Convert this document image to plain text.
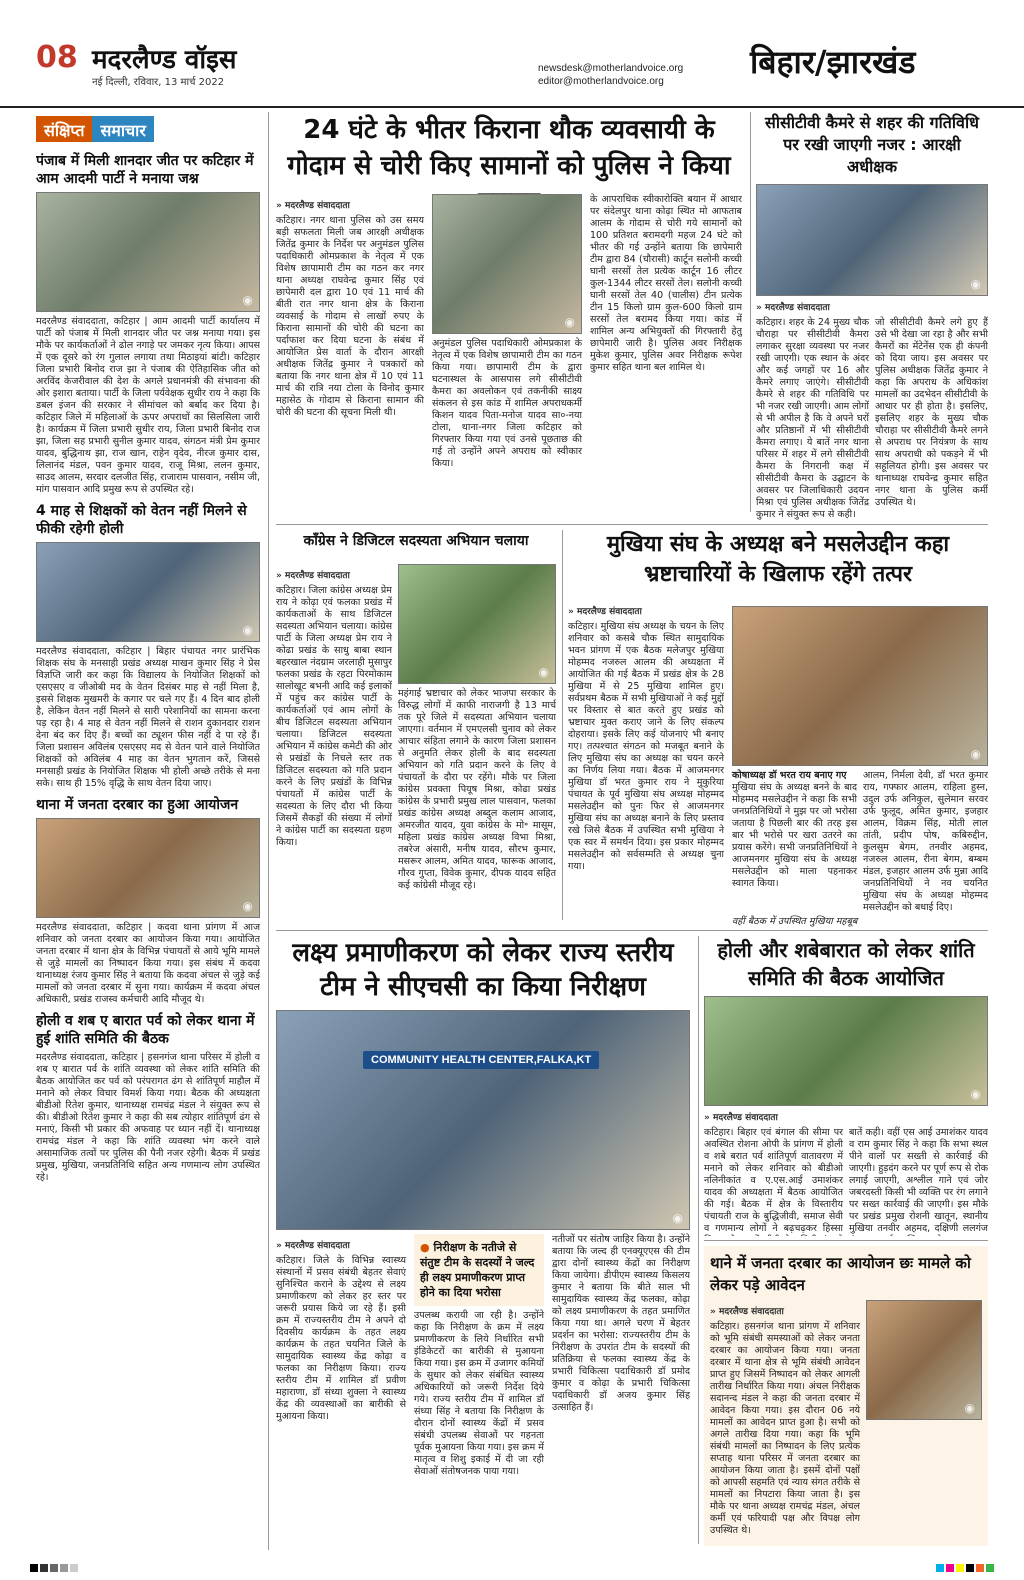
08 मदरलैण्ड वॉइस
नई दिल्ली, रविवार, 13 मार्च 2022
newsdesk@motherlandvoice.org
editor@motherlandvoice.org
बिहार/झारखंड
संक्षिप्त	समाचार
पंजाब में मिली शानदार जीत पर कटिहार में आम आदमी पार्टी ने मनाया जश्न
◉
मदरलैण्ड संवाददाता, कटिहार | आम आदमी पार्टी कार्यालय में पार्टी को पंजाब में मिली शानदार जीत पर जश्न मनाया गया। इस मौके पर कार्यकर्ताओं ने ढोल नगाड़े पर जमकर नृत्य किया। आपस में एक दूसरे को रंग गुलाल लगाया तथा मिठाइयां बांटी। कटिहार जिला प्रभारी बिनोद राज झा ने पंजाब की ऐतिहासिक जीत को अरविंद केजरीवाल की देश के अगले प्रधानमंत्री की संभावना की ओर इशारा बताया। पार्टी के जिला पर्यवेक्षक सुधीर राय ने कहा कि डबल इंजन की सरकार ने सीमांचल को बर्बाद कर दिया है। कटिहार जिले में महिलाओं के ऊपर अपराधों का सिलसिला जारी है। कार्यक्रम में जिला प्रभारी सुधीर राय, जिला प्रभारी बिनोद राज झा, जिला सह प्रभारी सुनील कुमार यादव, संगठन मंत्री प्रेम कुमार यादव, बुद्धिनाथ झा, राज खान, राहेन वृदेव, नीरज कुमार दास, लिलानंद मंडल, पवन कुमार यादव, राजू मिश्रा, ललन कुमार, साउद आलम, सरदार दलजीत सिंह, राजाराम पासवान, नसीम जी, मांग पासवान आदि प्रमुख रूप से उपस्थित रहे।
4 माह से शिक्षकों को वेतन नहीं मिलने से फीकी रहेगी होली
◉
मदरलैण्ड संवाददाता, कटिहार | बिहार पंचायत नगर प्रारंभिक शिक्षक संघ के मनसाही प्रखंड अध्यक्ष माखन कुमार सिंह ने प्रेस विज्ञप्ति जारी कर कहा कि विद्यालय के नियोजित शिक्षकों को एसएसए व जीओबी मद के वेतन दिसंबर माह से नहीं मिला है, इससे शिक्षक मुखमरी के कगार पर चले गए हैं। 4 दिन बाद होली है, लेकिन वेतन नहीं मिलने से सारी परेशानियों का सामना करना पड़ रहा है। 4 माह से वेतन नहीं मिलने से राशन दुकानदार राशन देना बंद कर दिए हैं। बच्चों का ट्यूशन फीस नहीं दे पा रहे हैं। जिला प्रशासन अविलंब एसएसए मद से वेतन पाने वाले नियोजित शिक्षकों को अविलंब 4 माह का वेतन भुगतान करें, जिससे मनसाही प्रखंड के नियोजित शिक्षक भी होली अच्छे तरीके से मना सके। साथ ही 15% वृद्धि के साथ वेतन दिया जाए।
थाना में जनता दरबार का हुआ आयोजन
◉
मदरलैण्ड संवाददाता, कटिहार | कदवा थाना प्रांगण में आज शनिवार को जनता दरबार का आयोजन किया गया। आयोजित जनता दरबार में थाना क्षेत्र के विभिन्न पंचायतों से आये भूमि मामले से जुड़े मामलों का निष्पादन किया गया। इस संबंध में कदवा थानाध्यक्ष रंजय कुमार सिंह ने बताया कि कदवा अंचल से जुड़े कई मामलों को जनता दरबार में सुना गया। कार्यक्रम में कदवा अंचल अधिकारी, प्रखंड राजस्व कर्मचारी आदि मौजूद थे।
होली व शब ए बारात पर्व को लेकर थाना में हुई शांति समिति की बैठक
मदरलैण्ड संवाददाता, कटिहार | हसनगंज थाना परिसर में होली व शब ए बारात पर्व के शांति व्यवस्था को लेकर शांति समिति की बैठक आयोजित कर पर्व को परंपरागत ढंग से शांतिपूर्ण माहौल में मनाने को लेकर विचार विमर्श किया गया। बैठक की अध्यक्षता बीडीओ रितेश कुमार, थानाध्यक्ष रामचंद्र मंडल ने संयुक्त रूप से की। बीडीओ रितेश कुमार ने कहा की सब त्योहार शांतिपूर्ण ढंग से मनाएं, किसी भी प्रकार की अफवाह पर ध्यान नहीं दें। थानाध्यक्ष रामचंद्र मंडल ने कहा कि शांति व्यवस्था भंग करने वाले असामाजिक तत्वों पर पुलिस की पैनी नजर रहेगी। बैठक में प्रखंड प्रमुख, मुखिया, जनप्रतिनिधि सहित अन्य गणमान्य लोग उपस्थित रहे।
24 घंटे के भीतर किराना थौक व्यवसायी के गोदाम से चोरी किए सामानों को पुलिस ने किया
» मदरलैण्ड संवाददाता
कटिहार। नगर थाना पुलिस को उस समय बड़ी सफलता मिली जब आरक्षी अधीक्षक जितेंद्र कुमार के निर्देश पर अनुमंडल पुलिस पदाधिकारी ओमप्रकाश के नेतृत्व में एक विशेष छापामारी टीम का गठन कर नगर थाना अध्यक्ष राघवेन्द्र कुमार सिंह एवं छापेमारी दल द्वारा 10 एवं 11 मार्च की बीती रात नगर थाना क्षेत्र के किराना व्यवसाई के गोदाम से लाखों रुपए के किराना सामानों की चोरी की घटना का पर्दाफाश कर दिया घटना के संबंध में आयोजित प्रेस वार्ता के दौरान आरक्षी अधीक्षक जितेंद्र कुमार ने पत्रकारों को बताया कि नगर थाना क्षेत्र में 10 एवं 11 मार्च की रात्रि नया टोला के विनोद कुमार महासेठ के गोदाम से किराना सामान की चोरी की घटना की सूचना मिली थी।
◉
अनुमंडल पुलिस पदाधिकारी ओमप्रकाश के नेतृत्व में एक विशेष छापामारी टीम का गठन किया गया। छापामारी टीम के द्वारा घटनास्थल के आसपास लगे सीसीटीवी कैमरा का अवलोकन एवं तकनीकी साक्ष्य संकलन से इस कांड में शामिल अपराधकर्मी किशन यादव पिता-मनोज यादव सा०-नया टोला, थाना-नगर जिला कटिहार को गिरफ्तार किया गया एवं उनसे पूछताछ की गई तो उन्होंने अपने अपराध को स्वीकार किया।
के आपराधिक स्वीकारोक्ति बयान में आधार पर संदेलपुर थाना कोढ़ा स्थित मो आफताब आलम के गोदाम से चोरी गये सामानों को 100 प्रतिशत बरामदगी महज 24 घंटे को भीतर की गई उन्होंने बताया कि छापेमारी टीम द्वारा 84 (चौरासी) कार्टून सलोनी कच्ची घानी सरसों तेल प्रत्येक कार्टून 16 लीटर कुल-1344 लीटर सरसों तेल। सलोनी कच्ची घानी सरसों तेल 40 (चालीस) टीन प्रत्येक टीन 15 किलो ग्राम कुल-600 किलो ग्राम सरसों तेल बरामद किया गया। कांड में शामिल अन्य अभियुक्तों की गिरफ्तारी हेतु छापेमारी जारी है। पुलिस अवर निरीक्षक मुकेश कुमार, पुलिस अवर निरीक्षक रूपेश कुमार सहित थाना बल शामिल थे।
सीसीटीवी कैमरे से शहर की गतिविधि पर रखी जाएगी नजर : आरक्षी अधीक्षक
◉
» मदरलैण्ड संवाददाता
कटिहार। शहर के 24 मुख्य चौक चौराहा पर सीसीटीवी कैमरा लगाकर सुरक्षा व्यवस्था पर नजर रखी जाएगी। एक स्थान के अंदर और कई जगहों पर 16 और कैमरे लगाए जाएंगे। सीसीटीवी कैमरे से शहर की गतिविधि पर भी नजर रखी जाएगी। आम लोगों से भी अपील है कि वे अपने घरों और प्रतिष्ठानों में भी सीसीटीवी कैमरा लगाए। ये बातें नगर थाना परिसर में शहर में लगे सीसीटीवी कैमरा के निगरानी कक्ष में सीसीटीवी कैमरा के उद्घाटन के अवसर पर जिलाधिकारी उदयन मिश्रा एवं पुलिस अधीक्षक जितेंद्र कुमार ने संयुक्त रूप से कही।
जो सीसीटीवी कैमरे लगे हुए हैं उसे भी देखा जा रहा है और सभी कैमरों का मेंटेनेंस एक ही कंपनी को दिया जाय। इस अवसर पर पुलिस अधीक्षक जितेंद्र कुमार ने कहा कि अपराध के अधिकांश मामलों का उदभेदन सीसीटीवी के आधार पर ही होता है। इसलिए, इसलिए शहर के मुख्य चौक चौराहा पर सीसीटीवी कैमरे लगने से अपराध पर नियंत्रण के साथ साथ अपराधी को पकड़ने में भी सहूलियत होगी। इस अवसर पर थानाध्यक्ष राघवेन्द्र कुमार सहित नगर थाना के पुलिस कर्मी उपस्थित थे।
कॉंग्रेस ने डिजिटल सदस्यता अभियान चलाया
» मदरलैण्ड संवाददाता
कटिहार। जिला कांग्रेस अध्यक्ष प्रेम राय ने कोढ़ा एवं फलका प्रखंड में कार्यकताओं के साथ डिजिटल सदस्यता अभियान चलाया। कांग्रेस पार्टी के जिला अध्यक्ष प्रेम राय ने कोढा प्रखंड के साधु बाबा स्थान बहरखाल नंदग्राम जरलाही मुसापुर फलका प्रखंड के रहटा पिरमोकाम सालोखूट बभनी आदि कई इलाकों में पहुंच कर कांग्रेस पार्टी के कार्यकर्ताओं एवं आम लोगों के बीच डिजिटल सदस्यता अभियान चलाया। डिजिटल सदस्यता अभियान में कांग्रेस कमेटी की ओर से प्रखंडों के निचले स्तर तक डिजिटल सदस्यता को गति प्रदान करने के लिए प्रखंडों के विभिन्न पंचायतों में कांग्रेस पार्टी के सदस्यता के लिए दौरा भी किया जिसमें सैकड़ों की संख्या में लोगों ने कांग्रेस पार्टी का सदस्यता ग्रहण किया।
◉
महंगाई भ्रष्टाचार को लेकर भाजपा सरकार के विरुद्ध लोगों में काफी नाराजगी है 13 मार्च तक पूरे जिले में सदस्यता अभियान चलाया जाएगा। वर्तमान में एमएलसी चुनाव को लेकर आचार संहिता लगाने के कारण जिला प्रशासन से अनुमति लेकर होली के बाद सदस्यता अभियान को गति प्रदान करने के लिए वे पंचायतों के दौरा पर रहेंगे। मौके पर जिला कांग्रेस प्रवक्ता पियूष मिश्रा, कोढा प्रखंड कांग्रेस के प्रभारी प्रमुख लाल पासवान, फलका प्रखंड कांग्रेस अध्यक्ष अब्दुल कलाम आजाद, अमरजीत यादव, युवा कांग्रेस के मो॰ मासूम, महिला प्रखंड कांग्रेस अध्यक्ष विभा मिश्रा, तबरेज अंसारी, मनीष यादव, सौरभ कुमार, मसरूर आलम, अमित यादव, फारूक आजाद, गौरव गुप्ता, विवेक कुमार, दीपक यादव सहित कई कांग्रेसी मौजूद रहे।
मुखिया संघ के अध्यक्ष बने मसलेउद्दीन कहा भ्रष्टाचारियों के खिलाफ रहेंगे तत्पर
» मदरलैण्ड संवाददाता
कटिहार। मुखिया संघ अध्यक्ष के चयन के लिए शनिवार को कसबे चौक स्थित सामुदायिक भवन प्रांगण में एक बैठक मलेजपुर मुखिया मोहम्मद नजरुल आलम की अध्यक्षता में आयोजित की गई बैठक में प्रखंड क्षेत्र के 28 मुखिया में से 25 मुखिया शामिल हुए। सर्वप्रथम बैठक में सभी मुखियाओं ने कई मुद्दों पर विस्तार से बात करते हुए प्रखंड को भ्रष्टाचार मुक्त कराए जाने के लिए संकल्प दोहराया। इसके लिए कई योजनाएं भी बनाए गए। तत्पश्चात संगठन को मजबूत बनाने के लिए मुखिया संघ का अध्यक्ष का चयन करने का निर्णय लिया गया। बैठक में आजमनगर मुखिया डॉ भरत कुमार राय ने मुकुरिया पंचायत के पूर्व मुखिया संघ अध्यक्ष मोहम्मद मसलेउद्दीन को पुनः फिर से आजमनगर मुखिया संघ का अध्यक्ष बनाने के लिए प्रस्ताव रखे जिसे बैठक में उपस्थित सभी मुखिया ने एक स्वर में समर्थन दिया। इस प्रकार मोहम्मद मसलेउद्दीन को सर्वसम्मति से अध्यक्ष चुना गया।
◉
कोषाध्यक्ष डॉ भरत राय बनाए गए
मुखिया संघ के अध्यक्ष बनने के बाद मोहम्मद मसलेउद्दीन ने कहा कि सभी जनप्रतिनिधियों ने मुझ पर जो भरोसा जताया है पिछली बार की तरह इस बार भी भरोसे पर खरा उतरने का प्रयास करेंगे। सभी जनप्रतिनिधियों ने आजमनगर मुखिया संघ के अध्यक्ष मसलेउद्दीन को माला पहनाकर स्वागत किया।
आलम, निर्मला देवी, डॉ भरत कुमार राय, गफ्फार आलम, राहिला हुस्न, उदुल उर्फ अनिकुल, सुलेमान सरवर उर्फ फुलूद, अमित कुमार, इजहार आलम, विक्रम सिंह, मोती लाल तांती, प्रदीप पोष, कबिरुद्दीन, कुलसुम बेगम, तनवीर अहमद, नजरुल आलम, रीना बेगम, बम्बम मंडल, इजहार आलम उर्फ मुन्ना आदि जनप्रतिनिधियों ने नव चयनित मुखिया संघ के अध्यक्ष मोहम्मद मसलेउद्दीन को बधाई दिए।
वहीं बैठक में उपस्थित मुखिया महबूब
लक्ष्य प्रमाणीकरण को लेकर राज्य स्तरीय टीम ने सीएचसी का किया निरीक्षण
COMMUNITY HEALTH CENTER,FALKA,KT
◉
» मदरलैण्ड संवाददाता
कटिहार। जिले के विभिन्न स्वास्थ्य संस्थानों में प्रसव संबंधी बेहतर सेवाएं सुनिश्चित कराने के उद्देश्य से लक्ष्य प्रमाणीकरण को लेकर हर स्तर पर जरूरी प्रयास किये जा रहे हैं। इसी क्रम में राज्यस्तरीय टीम ने अपने दो दिवसीय कार्यक्रम के तहत लक्ष्य कार्यक्रम के तहत चयनित जिले के सामुदायिक स्वास्थ्य केंद्र कोढ़ा व फलका का निरीक्षण किया। राज्य स्तरीय टीम में शामिल डॉ प्रवीण महाराणा, डॉ संध्या शुक्ला ने स्वास्थ्य केंद्र की व्यवस्थाओं का बारीकी से मुआयना किया।
● निरीक्षण के नतीजे से संतुष्ट टीम के सदस्यों ने जल्द ही लक्ष्य प्रमाणीकरण प्राप्त होने का दिया भरोसा
उपलब्ध करायी जा रही है। उन्होंने कहा कि निरीक्षण के क्रम में लक्ष्य प्रमाणीकरण के लिये निर्धारित सभी इंडिकेटरों का बारीकी से मुआयना किया गया। इस क्रम में उजागर कमियों के सुधार को लेकर संबंधित स्वास्थ्य अधिकारियों को जरूरी निर्देश दिये गये। राज्य स्तरीय टीम में शामिल डॉ संध्या सिंह ने बताया कि निरीक्षण के दौरान दोनों स्वास्थ्य केंद्रों में प्रसव संबंधी उपलब्ध सेवाओं पर गहनता पूर्वक मुआयना किया गया। इस क्रम में मातृत्व व शिशु इकाई में दी जा रही सेवाओं संतोषजनक पाया गया।
नतीजों पर संतोष जाहिर किया है। उन्होंने बताया कि जल्द ही एनक्यूएएस की टीम द्वारा दोनों स्वास्थ्य केंद्रों का निरीक्षण किया जायेगा। डीपीएम स्वास्थ्य किसलय कुमार ने बताया कि बीते साल भी सामुदायिक स्वास्थ्य केंद्र फलका, कोढ़ा को लक्ष्य प्रमाणीकरण के तहत प्रमाणित किया गया था। अगले चरण में बेहतर प्रदर्शन का भरोसा: राज्यस्तरीय टीम के निरीक्षण के उपरांत टीम के सदस्यों की प्रतिक्रिया से फलका स्वास्थ्य केंद्र के प्रभारी चिकित्सा पदाधिकारी डॉ प्रमोद कुमार व कोढ़ा के प्रभारी चिकित्सा पदाधिकारी डॉ अजय कुमार सिंह उत्साहित हैं।
होली और शबेबारात को लेकर शांति समिति की बैठक आयोजित
◉
» मदरलैण्ड संवाददाता
कटिहार। बिहार एवं बंगाल की सीमा पर अवस्थित रोशना ओपी के प्रांगण में होली व शबे बरात पर्व शांतिपूर्ण वातावरण में मनाने को लेकर शनिवार को बीडीओ नलिनीकांत व ए.एस.आई उमाशंकर यादव की अध्यक्षता में बैठक आयोजित की गई। बैठक में क्षेत्र के विस्तारीय पंचायती राज के बुद्धिजीवी, समाज सेवी व गणमान्य लोगों ने बढ़चढ़कर हिस्सा
बातें कही। वहीं एस आई उमाशंकर यादव व राम कुमार सिंह ने कहा कि सभा स्थल पीने वालों पर सख्ती से कार्रवाई की जाएगी। हुड़दंग करने पर पूर्ण रूप से रोक लगाई जाएगी, अश्लील गाने एवं जोर जबरदस्ती किसी भी व्यक्ति पर रंग लगाने पर सख्त कार्रवाई की जाएगी। इस मौके पर प्रखंड प्रमुख रोशनी खातून, स्थानीय मुखिया तनवीर अहमद, दक्षिणी ललगंज
थाने में जनता दरबार का आयोजन छः मामले को लेकर पड़े आवेदन
» मदरलैण्ड संवाददाता
कटिहार। हसनगंज थाना प्रांगण में शनिवार को भूमि संबंधी समस्याओं को लेकर जनता दरबार का आयोजन किया गया। जनता दरबार में थाना क्षेत्र से भूमि संबंधी आवेदन प्राप्त हुए जिसमें निष्पादन को लेकर आगली तारीख निर्धारित किया गया। अंचल निरीक्षक सदानन्द मंडल ने कहा की जनता दरबार में आवेदन किया गया। इस दौरान 06 नये मामलों का आवेदन प्राप्त हुआ है। सभी को अगले तारीख दिया गया। कहा कि भूमि संबंधी मामलों का निष्पादन के लिए प्रत्येक सप्ताह थाना परिसर में जनता दरबार का आयोजन किया जाता है। इसमें दोनों पक्षों को आपसी सहमति एवं न्याय संगत तरीके से मामलों का निपटारा किया जाता है। इस मौके पर थाना अध्यक्ष रामचंद्र मंडल, अंचल कर्मी एवं फरियादी पक्ष और विपक्ष लोग उपस्थित थे।
◉
